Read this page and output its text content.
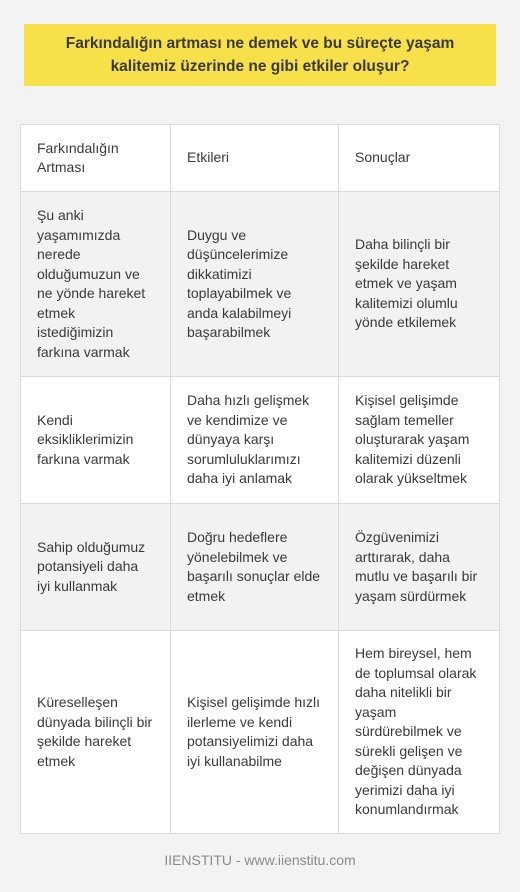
Farkındalığın artması ne demek ve bu süreçte yaşam kalitemiz üzerinde ne gibi etkiler oluşur?
Farkındalığın Artması
Etkileri	Sonuçlar
Şu anki yaşamımızda nerede olduğumuzun ve ne yönde hareket etmek istediğimizin farkına varmak
Duygu ve düşüncelerimize dikkatimizi toplayabilmek ve anda kalabilmeyi başarabilmek
Daha bilinçli bir şekilde hareket etmek ve yaşam kalitemizi olumlu yönde etkilemek
Kendi eksikliklerimizin farkına varmak
Daha hızlı gelişmek ve kendimize ve dünyaya karşı sorumluluklarımızı daha iyi anlamak
Kişisel gelişimde sağlam temeller oluşturarak yaşam kalitemizi düzenli olarak yükseltmek
Sahip olduğumuz potansiyeli daha iyi kullanmak
Doğru hedeflere yönelebilmek ve başarılı sonuçlar elde etmek
Özgüvenimizi arttırarak, daha mutlu ve başarılı bir yaşam sürdürmek
Küreselleşen dünyada bilinçli bir şekilde hareket etmek
Kişisel gelişimde hızlı ilerleme ve kendi potansiyelimizi daha iyi kullanabilme
Hem bireysel, hem de toplumsal olarak daha nitelikli bir yaşam sürdürebilmek ve sürekli gelişen ve değişen dünyada yerimizi daha iyi konumlandırmak
IIENSTITU - www.iienstitu.com
